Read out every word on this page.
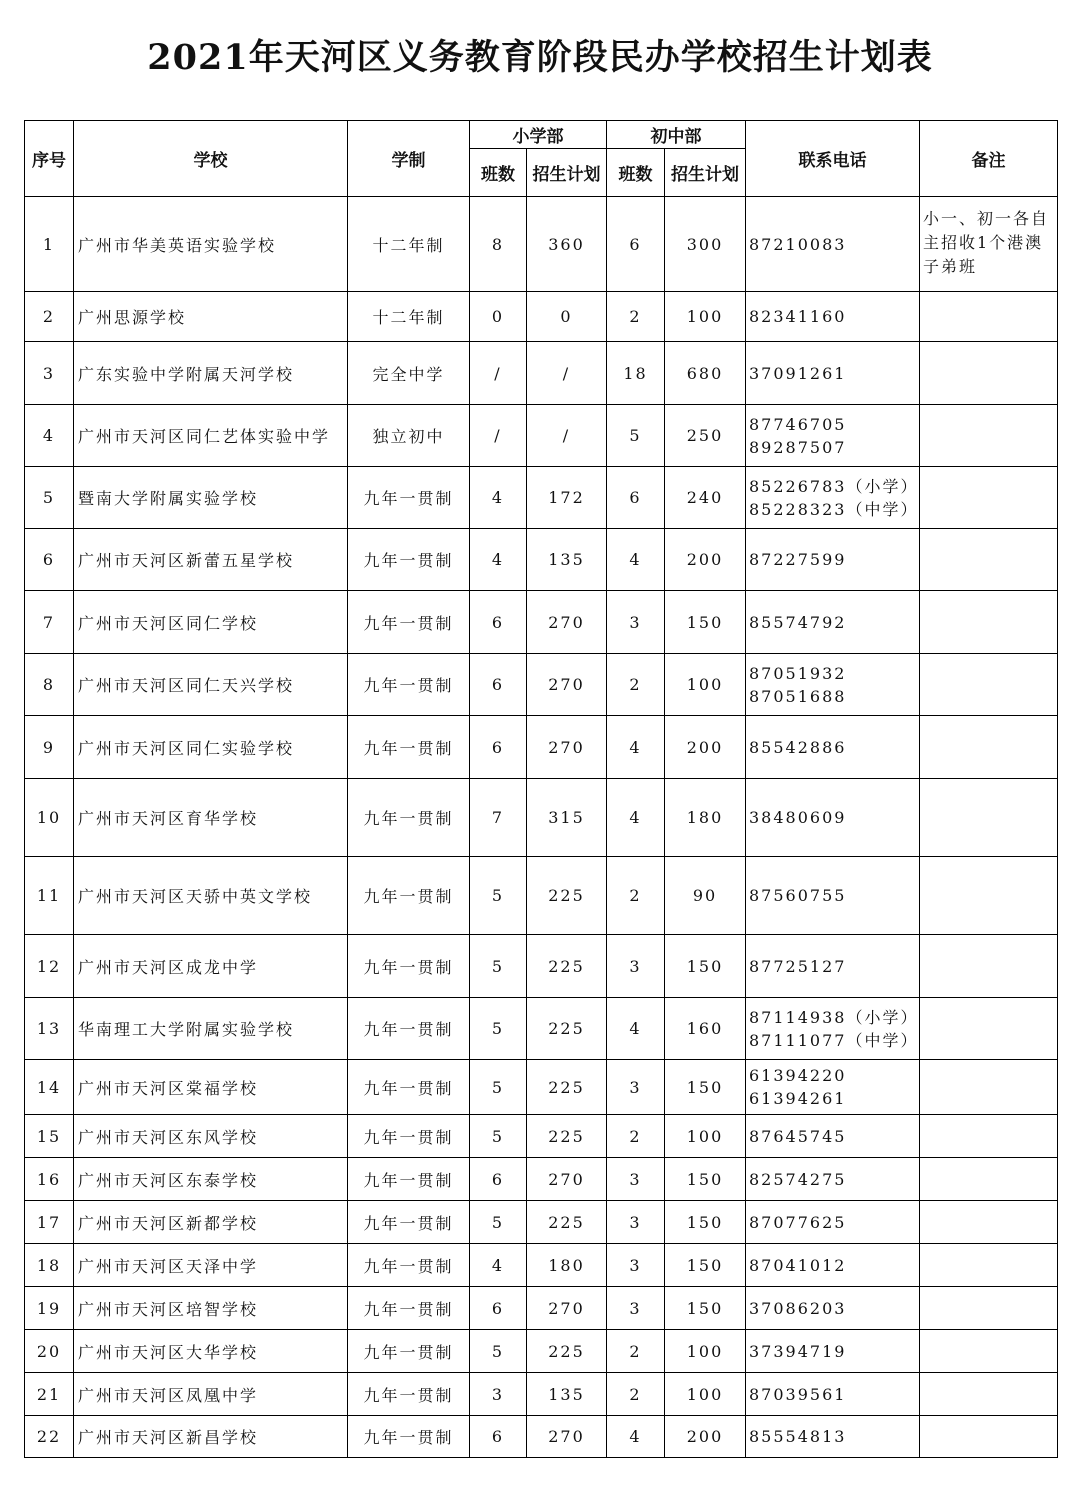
2021年天河区义务教育阶段民办学校招生计划表
序号	学校	学制	小学部		初中部		联系电话	备注
			班数	招生计划	班数	招生计划		
1	广州市华美英语实验学校	十二年制	8	360	6	300	87210083	小一、初一各自主招收1个港澳子弟班
2	广州思源学校	十二年制	0	0	2	100	82341160	

3	广东实验中学附属天河学校	完全中学	/	/	18	680	37091261	

4	广州市天河区同仁艺体实验中学	独立初中	/	/	5	250	87746705
89287507	

5	暨南大学附属实验学校	九年一贯制	4	172	6	240	85226783（小学）
85228323（中学）	

6	广州市天河区新蕾五星学校	九年一贯制	4	135	4	200	87227599	

7	广州市天河区同仁学校	九年一贯制	6	270	3	150	85574792	

8	广州市天河区同仁天兴学校	九年一贯制	6	270	2	100	87051932
87051688	

9	广州市天河区同仁实验学校	九年一贯制	6	270	4	200	85542886	

10	广州市天河区育华学校	九年一贯制	7	315	4	180	38480609	

11	广州市天河区天骄中英文学校	九年一贯制	5	225	2	90	87560755	

12	广州市天河区成龙中学	九年一贯制	5	225	3	150	87725127	

13	华南理工大学附属实验学校	九年一贯制	5	225	4	160	87114938（小学）
87111077（中学）	

14	广州市天河区棠福学校	九年一贯制	5	225	3	150	61394220
61394261	

15	广州市天河区东风学校	九年一贯制	5	225	2	100	87645745	

16	广州市天河区东泰学校	九年一贯制	6	270	3	150	82574275	

17	广州市天河区新都学校	九年一贯制	5	225	3	150	87077625	

18	广州市天河区天泽中学	九年一贯制	4	180	3	150	87041012	

19	广州市天河区培智学校	九年一贯制	6	270	3	150	37086203	

20	广州市天河区大华学校	九年一贯制	5	225	2	100	37394719	

21	广州市天河区凤凰中学	九年一贯制	3	135	2	100	87039561	

22	广州市天河区新昌学校	九年一贯制	6	270	4	200	85554813	
